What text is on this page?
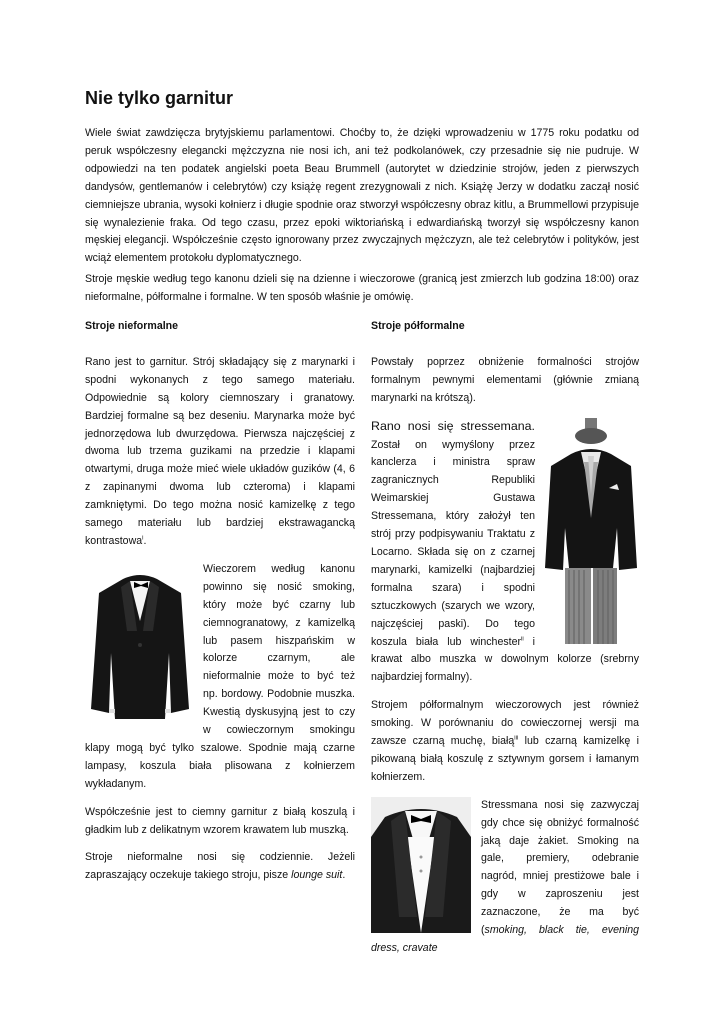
Nie tylko garnitur

Wiele świat zawdzięcza brytyjskiemu parlamentowi. Choćby to, że dzięki wprowadzeniu w 1775 roku podatku od peruk współczesny elegancki mężczyzna nie nosi ich, ani też podkolanówek, czy przesadnie się nie pudruje. W odpowiedzi na ten podatek angielski poeta Beau Brummell (autorytet w dziedzinie strojów, jeden z pierwszych dandysów, gentlemanów i celebrytów) czy książę regent zrezygnowali z nich. Książę Jerzy w dodatku zaczął nosić ciemniejsze ubrania, wysoki kołnierz i długie spodnie oraz stworzył współczesny obraz kitlu, a Brummellowi przypisuje się wynalezienie fraka. Od tego czasu, przez epoki wiktoriańską i edwardiańską tworzył się współczesny kanon męskiej elegancji. Współcześnie często ignorowany przez zwyczajnych mężczyzn, ale też celebrytów i polityków, jest wciąż elementem protokołu dyplomatycznego.

Stroje męskie według tego kanonu dzieli się na dzienne i wieczorowe (granicą jest zmierzch lub godzina 18:00) oraz nieformalne, półformalne i formalne. W ten sposób właśnie je omówię.

Stroje nieformalne

Rano jest to garnitur. Strój składający się z marynarki i spodni wykonanych z tego samego materiału. Odpowiednie są kolory ciemnoszary i granatowy. Bardziej formalne są bez deseniu. Marynarka może być jednorzędowa lub dwurzędowa. Pierwsza najczęściej z dwoma lub trzema guzikami na przedzie i klapami otwartymi, druga może mieć wiele układów guzików (4, 6 z zapinanymi dwoma lub czteroma) i klapami zamkniętymi. Do tego można nosić kamizelkę z tego samego materiału lub bardziej ekstrawagancką kontrastowa$^i$.

Wieczorem według kanonu powinno się nosić smoking, który może być czarny lub ciemnogranatowy, z kamizelką lub pasem hiszpańskim w kolorze czarnym, ale nieformalnie może to być też np. bordowy. Podobnie muszka. Kwestią dyskusyjną jest to czy w cowieczornym smokingu klapy mogą być tylko szalowe. Spodnie mają czarne lampasy, koszula biała plisowana z kołnierzem wykładanym.

Współcześnie jest to ciemny garnitur z białą koszulą i gładkim lub z delikatnym wzorem krawatem lub muszką.

Stroje nieformalne nosi się codziennie. Jeżeli zapraszający oczekuje takiego stroju, pisze lounge suit.

Stroje półformalne

Powstały poprzez obniżenie formalności strojów formalnym pewnymi elementami (głównie zmianą marynarki na krótszą).

Rano nosi się stressemana. Został on wymyślony przez kanclerza i ministra spraw zagranicznych Republiki Weimarskiej Gustawa Stressemana, który założył ten strój przy podpisywaniu Traktatu z Locarno. Składa się on z czarnej marynarki, kamizelki (najbardziej formalna szara) i spodni sztuczkowych (szarych we wzory, najczęściej paski). Do tego koszula biała lub winchester$^{ii}$ i krawat albo muszka w dowolnym kolorze (srebrny najbardziej formalny).

Strojem półformalnym wieczorowych jest również smoking. W porównaniu do cowieczornej wersji ma zawsze czarną muchę, białą$^{iii}$ lub czarną kamizelkę i pikowaną białą koszulę z sztywnym gorsem i łamanym kołnierzem.

Stressmana nosi się zazwyczaj gdy chce się obniżyć formalność jaką daje żakiet. Smoking na gale, premiery, odebranie nagród, mniej prestiżowe bale i gdy w zaproszeniu jest zaznaczone, że ma być (smoking, black tie, evening dress, cravate
